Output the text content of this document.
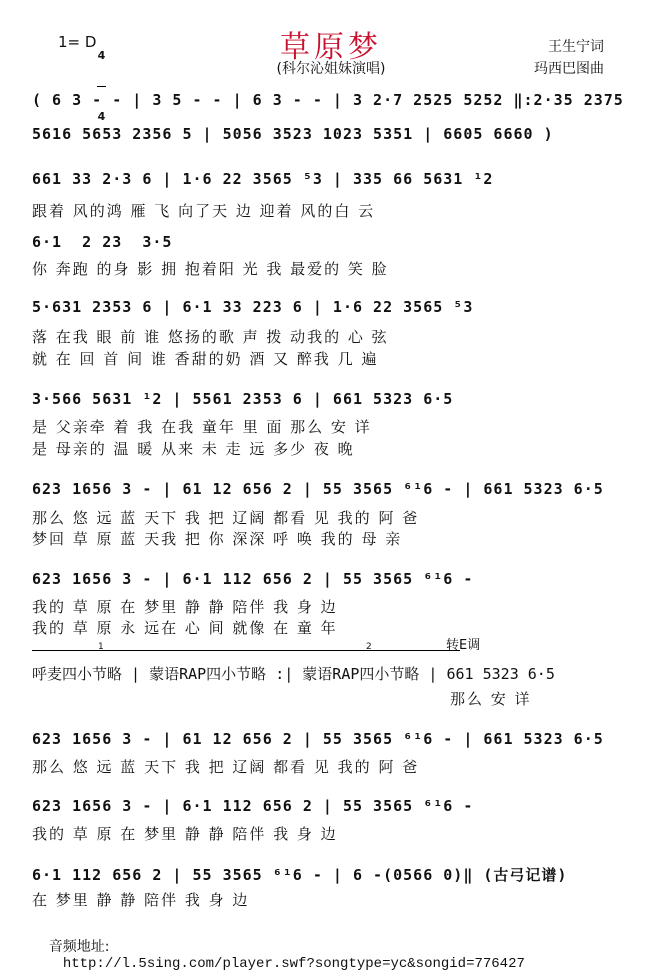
草原梦
(科尔沁姐妹演唱)
王生宁词
玛西巴图曲
1= D

4

4

( 6 3 - - | 3 5 - - | 6 3 - - | 3 2·7 2525 5252 ‖:2·35 2375
5616 5653 2356 5 | 5056 3523 1023 5351 | 6605 6660 )
661 33 2·3 6 | 1·6 22 3565 ⁵3 | 335 66 5631 ¹2
跟着 风的鸿 雁 飞 向了天 边 迎着 风的白 云
6·1  2 23  3·5
你 奔跑 的身 影 拥 抱着阳 光 我 最爱的 笑 脸
5·631 2353 6 | 6·1 33 223 6 | 1·6 22 3565 ⁵3
落 在我 眼 前 谁 悠扬的歌 声 拨 动我的 心 弦
就 在 回 首 间 谁 香甜的奶 酒 又 醉我 几 遍
3·566 5631 ¹2 | 5561 2353 6 | 661 5323 6·5
是 父亲牵 着 我 在我 童年 里 面 那么 安 详
是 母亲的 温 暖 从来 未 走 远 多少 夜 晚
623 1656 3 - | 61 12 656 2 | 55 3565 ⁶¹6 - | 661 5323 6·5
那么 悠 远 蓝 天下 我 把 辽阔 都看 见 我的 阿 爸
梦回 草 原 蓝 天我 把 你 深深 呼 唤 我的 母 亲
623 1656 3 - | 6·1 112 656 2 | 55 3565 ⁶¹6 -
我的 草 原 在 梦里 静 静 陪伴 我 身 边
我的 草 原 永 远在 心 间 就像 在 童 年
转E调
1	2
呼麦四小节略 | 蒙语RAP四小节略 :| 蒙语RAP四小节略 | 661 5323 6·5
那么 安 详
623 1656 3 - | 61 12 656 2 | 55 3565 ⁶¹6 - | 661 5323 6·5
那么 悠 远 蓝 天下 我 把 辽阔 都看 见 我的 阿 爸
623 1656 3 - | 6·1 112 656 2 | 55 3565 ⁶¹6 -
我的 草 原 在 梦里 静 静 陪伴 我 身 边
6·1 112 656 2 | 55 3565 ⁶¹6 - | 6 -(0566 0)‖ (古弓记谱)
在 梦里 静 静 陪伴 我 身 边

音频地址:
http://l.5sing.com/player.swf?songtype=yc&songid=776427
